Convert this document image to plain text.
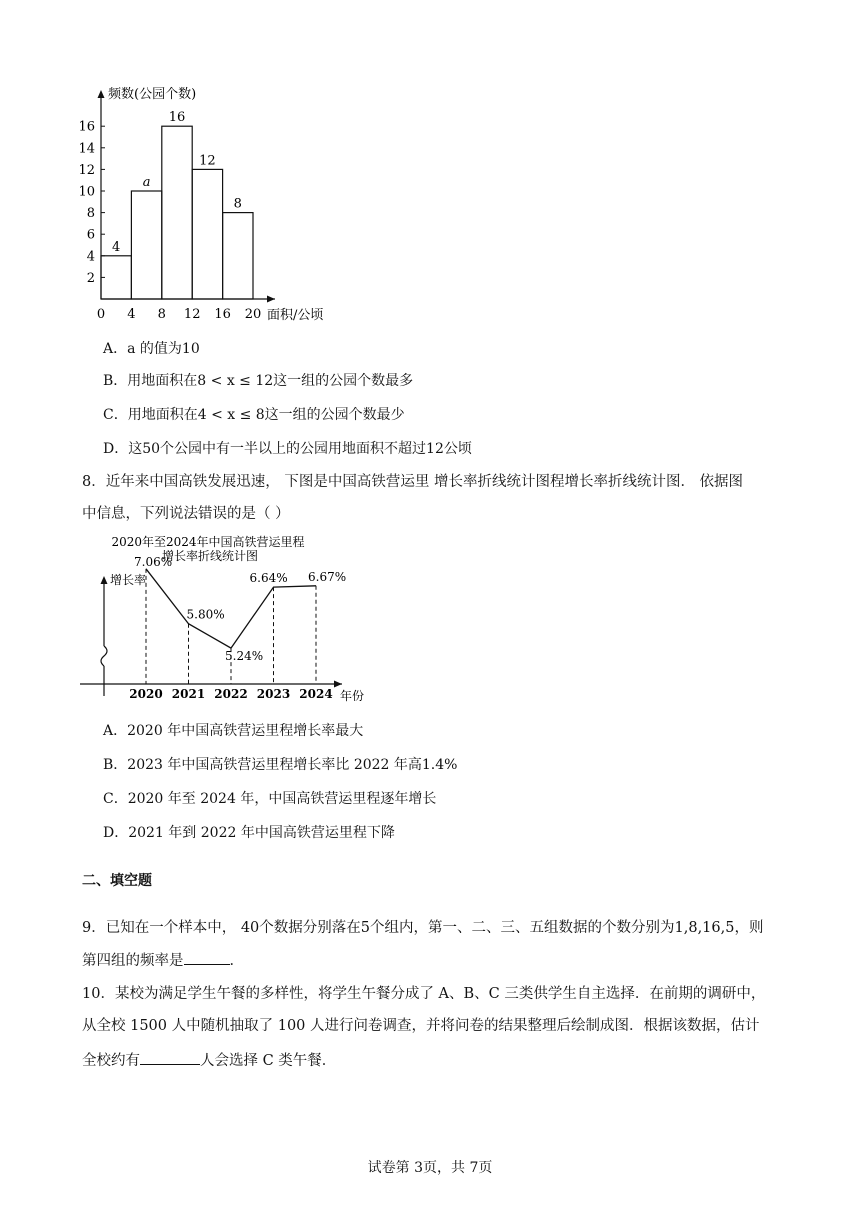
频数(公园个数)
面积/公顷
0 4 8 12 16 20
2
4
6
8
10
12
14
16
4
a
16
12
8
A．a 的值为10
B．用地面积在8 < x ≤ 12这一组的公园个数最多
C．用地面积在4 < x ≤ 8这一组的公园个数最少
D．这50个公园中有一半以上的公园用地面积不超过12公顷
8．近年来中国高铁发展迅速， 下图是中国高铁营运里 增长率折线统计图程增长率折线统计图． 依据图
中信息，下列说法错误的是（ ）
2020年至2024年中国高铁营运里程
增长率折线统计图
增长率
年份
2020 2021 2022 2023 2024
7.06%
5.80%
5.24%
6.64% 6.67%
A．2020 年中国高铁营运里程增长率最大
B．2023 年中国高铁营运里程增长率比 2022 年高1.4%
C．2020 年至 2024 年，中国高铁营运里程逐年增长
D．2021 年到 2022 年中国高铁营运里程下降
二、填空题
9．已知在一个样本中， 40个数据分别落在5个组内，第一、二、三、五组数据的个数分别为1,8,16,5，则
第四组的频率是	．
10．某校为满足学生午餐的多样性，将学生午餐分成了 A、B、C 三类供学生自主选择．在前期的调研中，
从全校 1500 人中随机抽取了 100 人进行问卷调查，并将问卷的结果整理后绘制成图．根据该数据，估计
全校约有	人会选择 C 类午餐．
试卷第 3页，共 7页
